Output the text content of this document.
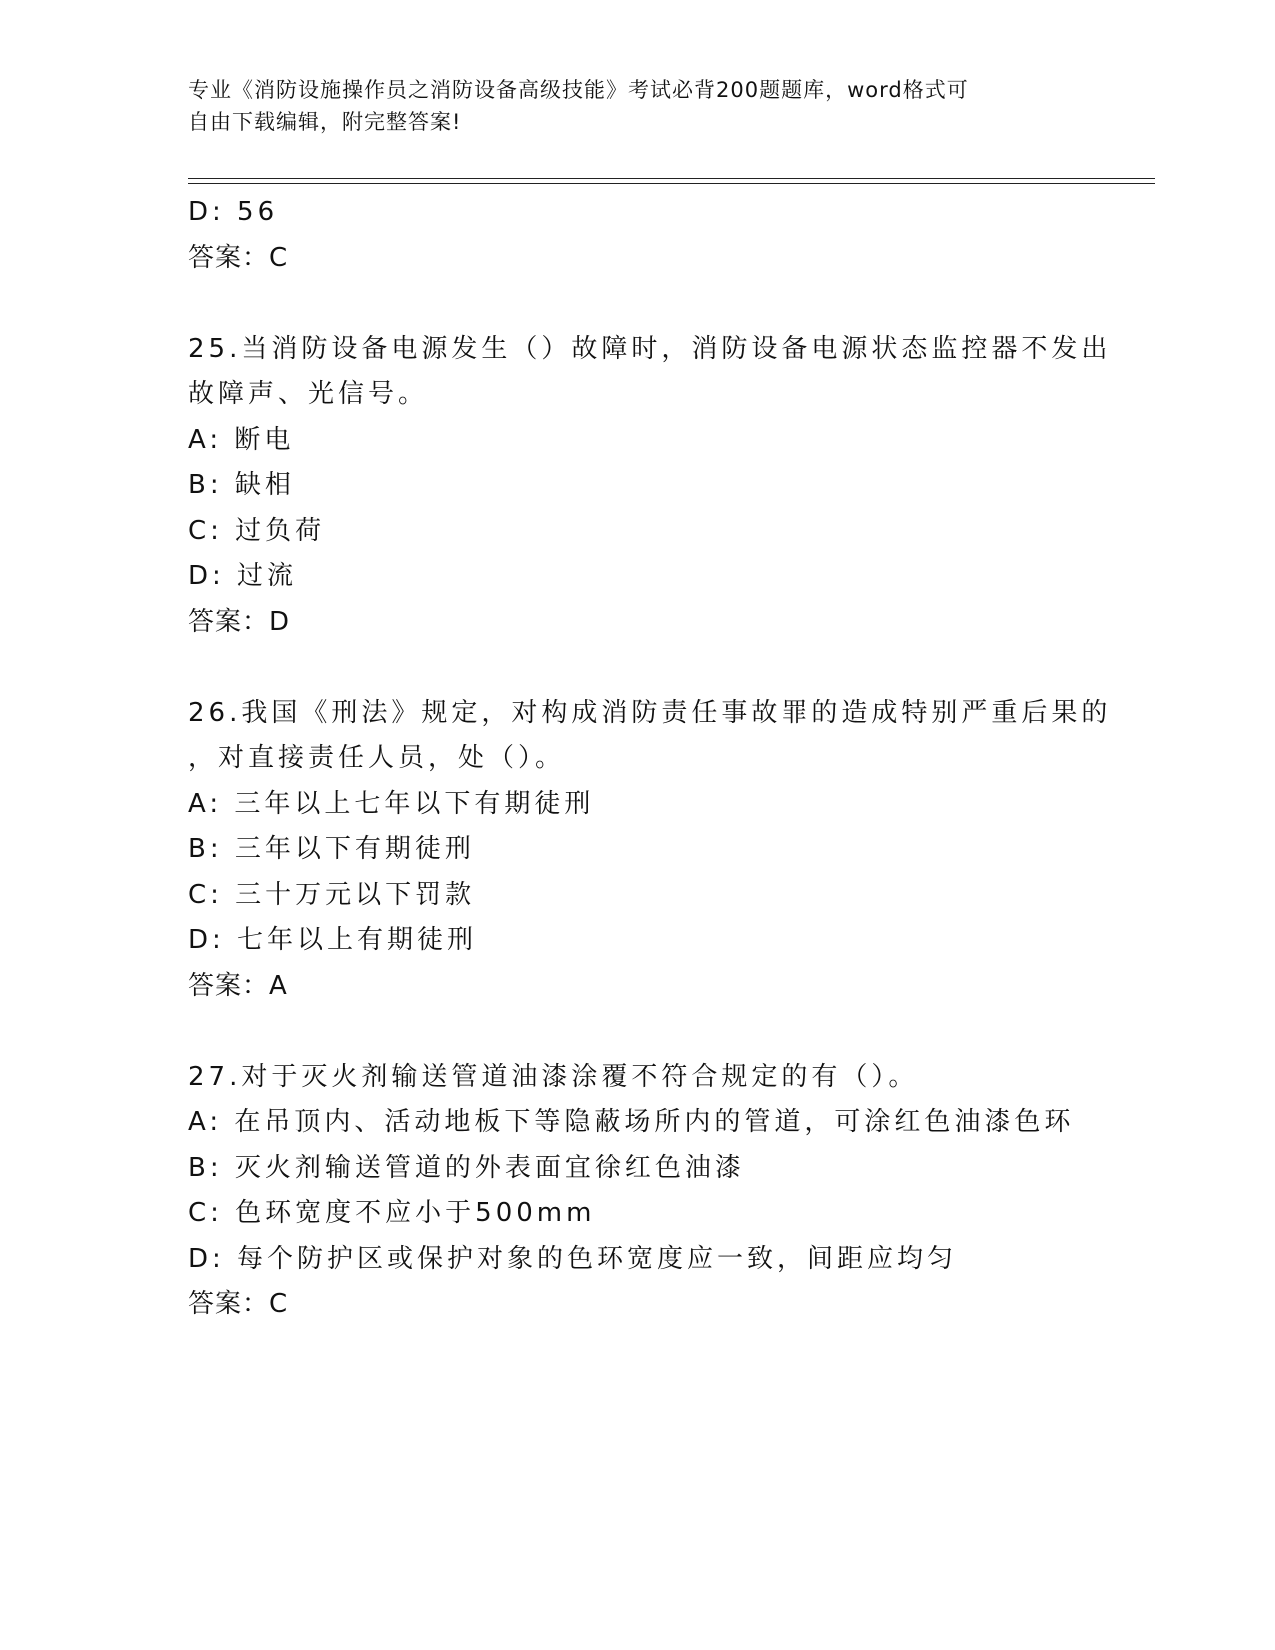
专业《消防设施操作员之消防设备高级技能》考试必背200题题库，word格式可
自由下载编辑，附完整答案!
D: 56
答案：C
25.当消防设备电源发生（）故障时，消防设备电源状态监控器不发出
故障声、光信号。
A: 断电
B: 缺相
C: 过负荷
D: 过流
答案：D
26.我国《刑法》规定，对构成消防责任事故罪的造成特别严重后果的
，对直接责任人员，处（）。
A: 三年以上七年以下有期徒刑
B: 三年以下有期徒刑
C: 三十万元以下罚款
D: 七年以上有期徒刑
答案：A
27.对于灭火剂输送管道油漆涂覆不符合规定的有（）。
A: 在吊顶内、活动地板下等隐蔽场所内的管道，可涂红色油漆色环
B: 灭火剂输送管道的外表面宜徐红色油漆
C: 色环宽度不应小于500mm
D: 每个防护区或保护对象的色环宽度应一致，间距应均匀
答案：C
